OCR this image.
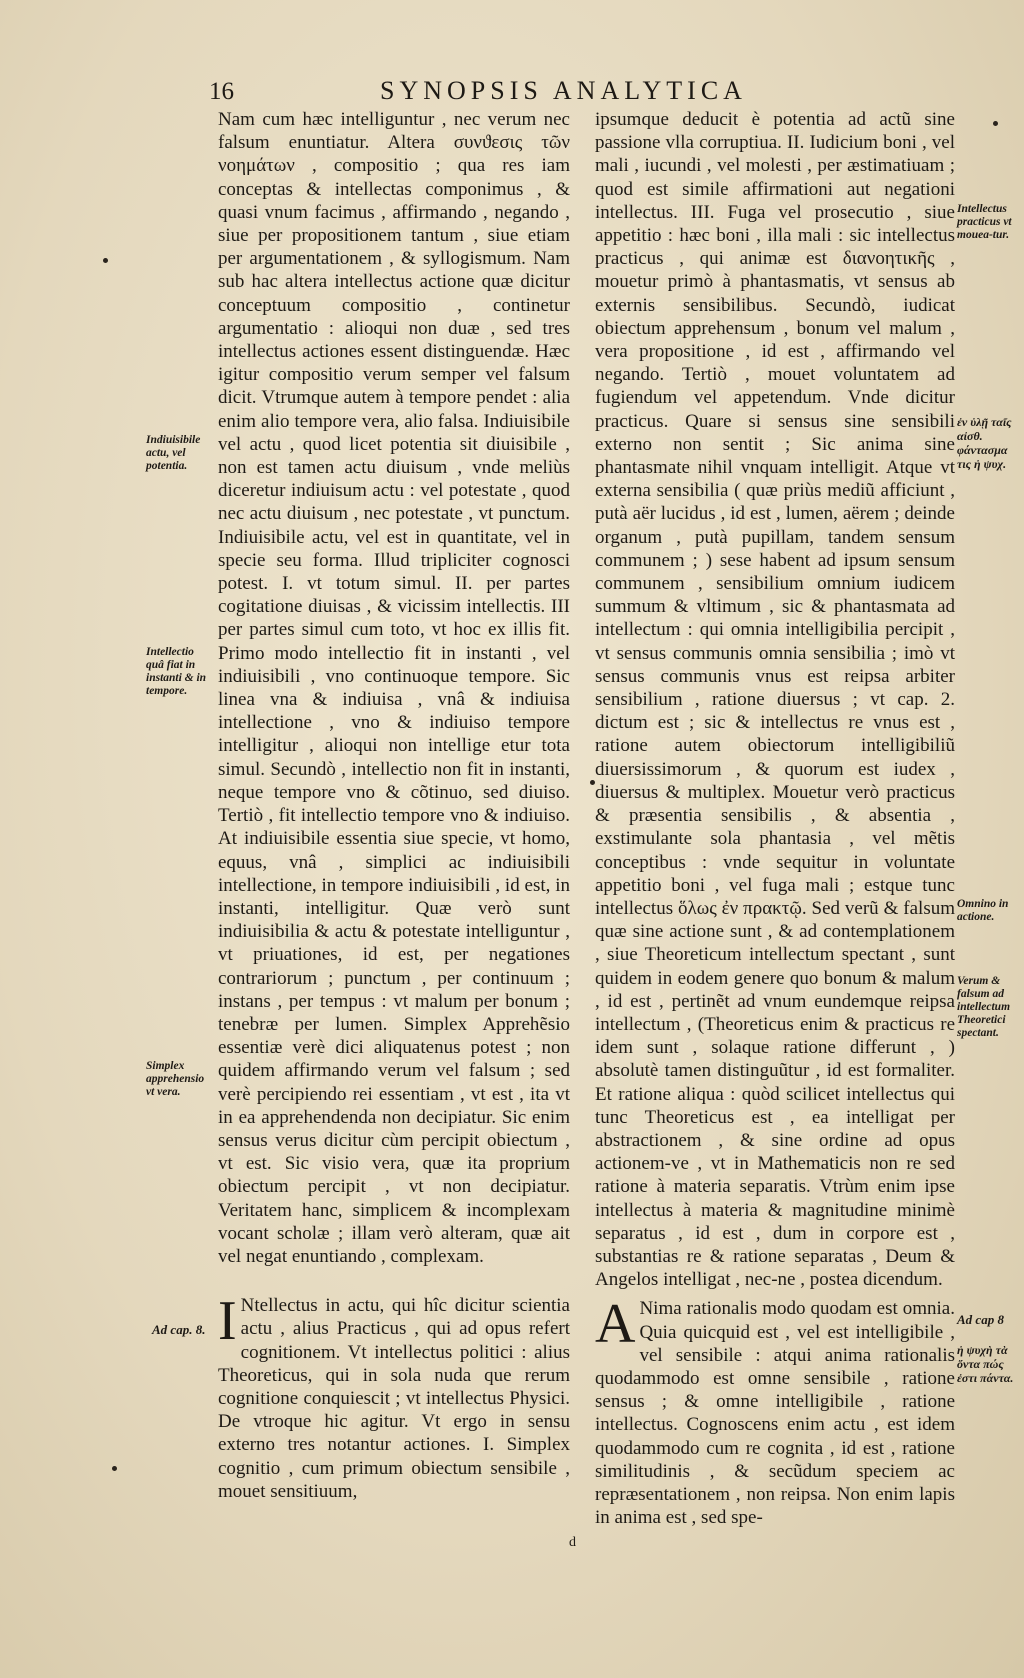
16	SYNOPSIS ANALYTICA

Nam cum hæc intelliguntur , nec verum nec falsum enuntiatur. Altera συνϑεσις τῶν νοημάτων , compositio ; qua res iam conceptas & intellectas componimus , & quasi vnum facimus , affirmando , negando , siue per propositionem tantum , siue etiam per argumentationem , & syllogismum. Nam sub hac altera intellectus actione quæ dicitur conceptuum compositio , continetur argumentatio : alioqui non duæ , sed tres intellectus actiones essent distinguendæ. Hæc igitur compositio verum semper vel falsum dicit. Vtrumque autem à tempore pendet : alia enim alio tempore vera, alio falsa. Indiuisibile vel actu , quod licet potentia sit diuisibile , non est tamen actu diuisum , vnde meliùs diceretur indiuisum actu : vel potestate , quod nec actu diuisum , nec potestate , vt punctum. Indiuisibile actu, vel est in quantitate, vel in specie seu forma. Illud tripliciter cognosci potest. I. vt totum simul. II. per partes cogitatione diuisas , & vicissim intellectis. III per partes simul cum toto, vt hoc ex illis fit. Primo modo intellectio fit in instanti , vel indiuisibili , vno continuoque tempore. Sic linea vna & indiuisa , vnâ & indiuisa intellectione , vno & indiuiso tempore intelligitur , alioqui non intellige etur tota simul. Secundò , intellectio non fit in instanti, neque tempore vno & cõtinuo, sed diuiso. Tertiò , fit intellectio tempore vno & indiuiso. At indiuisibile essentia siue specie, vt homo, equus, vnâ , simplici ac indiuisibili intellectione, in tempore indiuisibili , id est, in instanti, intelligitur. Quæ verò sunt indiuisibilia & actu & potestate intelliguntur , vt priuationes, id est, per negationes contrariorum ; punctum , per continuum ; instans , per tempus : vt malum per bonum ; tenebræ per lumen. Simplex Apprehẽsio essentiæ verè dici aliquatenus potest ; non quidem affirmando verum vel falsum ; sed verè percipiendo rei essentiam , vt est , ita vt in ea apprehendenda non decipiatur. Sic enim sensus verus dicitur cùm percipit obiectum , vt est. Sic visio vera, quæ ita proprium obiectum percipit , vt non decipiatur. Veritatem hanc, simplicem & incomplexam vocant scholæ ; illam verò alteram, quæ ait vel negat enuntiando , complexam.

I Ntellectus in actu, qui hîc dicitur scientia actu , alius Practicus , qui ad opus refert cognitionem. Vt intellectus politici : alius Theoreticus, qui in sola nuda que rerum cognitione conquiescit ; vt intellectus Physici. De vtroque hic agitur. Vt ergo in sensu externo tres notantur actiones. I. Simplex cognitio , cum primum obiectum sensibile , mouet sensitiuum,

ipsumque deducit è potentia ad actũ sine passione vlla corruptiua. II. Iudicium boni , vel mali , iucundi , vel molesti , per æstimatiuam ; quod est simile affirmationi aut negationi intellectus. III. Fuga vel prosecutio , siue appetitio : hæc boni , illa mali : sic intellectus practicus , qui animæ est διανοητικῆς , mouetur primò à phantasmatis, vt sensus ab externis sensibilibus. Secundò, iudicat obiectum apprehensum , bonum vel malum , vera propositione , id est , affirmando vel negando. Tertiò , mouet voluntatem ad fugiendum vel appetendum. Vnde dicitur practicus. Quare si sensus sine sensibili externo non sentit ; Sic anima sine phantasmate nihil vnquam intelligit. Atque vt externa sensibilia ( quæ priùs mediũ afficiunt , putà aër lucidus , id est , lumen, aërem ; deinde organum , putà pupillam, tandem sensum communem ; ) sese habent ad ipsum sensum communem , sensibilium omnium iudicem summum & vltimum , sic & phantasmata ad intellectum : qui omnia intelligibilia percipit , vt sensus communis omnia sensibilia ; imò vt sensus communis vnus est reipsa arbiter sensibilium , ratione diuersus ; vt cap. 2. dictum est ; sic & intellectus re vnus est , ratione autem obiectorum intelligibiliũ diuersissimorum , & quorum est iudex , diuersus & multiplex. Mouetur verò practicus & præsentia sensibilis , & absentia , exstimulante sola phantasia , vel mẽtis conceptibus : vnde sequitur in voluntate appetitio boni , vel fuga mali ; estque tunc intellectus ὅλως ἐν πρακτῷ. Sed verũ & falsum quæ sine actione sunt , & ad contemplationem , siue Theoreticum intellectum spectant , sunt quidem in eodem genere quo bonum & malum , id est , pertinẽt ad vnum eundemque reipsa intellectum , (Theoreticus enim & practicus re idem sunt , solaque ratione differunt , ) absolutè tamen distinguũtur , id est formaliter. Et ratione aliqua : quòd scilicet intellectus qui tunc Theoreticus est , ea intelligat per abstractionem , & sine ordine ad opus actionem-ve , vt in Mathematicis non re sed ratione à materia separatis. Vtrùm enim ipse intellectus à materia & magnitudine minimè separatus , id est , dum in corpore est , substantias re & ratione separatas , Deum & Angelos intelligat , nec-ne , postea dicendum.

A Nima rationalis modo quodam est omnia. Quia quicquid est , vel est intelligibile , vel sensibile : atqui anima rationalis quodammodo est omne sensibile , ratione sensus ; & omne intelligibile , ratione intellectus. Cognoscens enim actu , est idem quodammodo cum re cognita , id est , ratione similitudinis , & secũdum speciem ac repræsentationem , non reipsa. Non enim lapis in anima est , sed spe-

Indiuisibile actu, vel potentia.
Intellectio quâ fiat in instanti & in tempore.
Simplex apprehensio vt vera.
Ad cap. 8.
Intellectus practicus vt mouea-tur.
ἐν ὑλῇ ταῖς αἰσθ. φάντασμα τις ἡ ψυχ.
Omnino in actione.
Verum & falsum ad intellectum Theoretici spectant.
Ad cap 8
ἡ ψυχὴ τὰ ὄντα πώς ἐστι πάντα.
d
